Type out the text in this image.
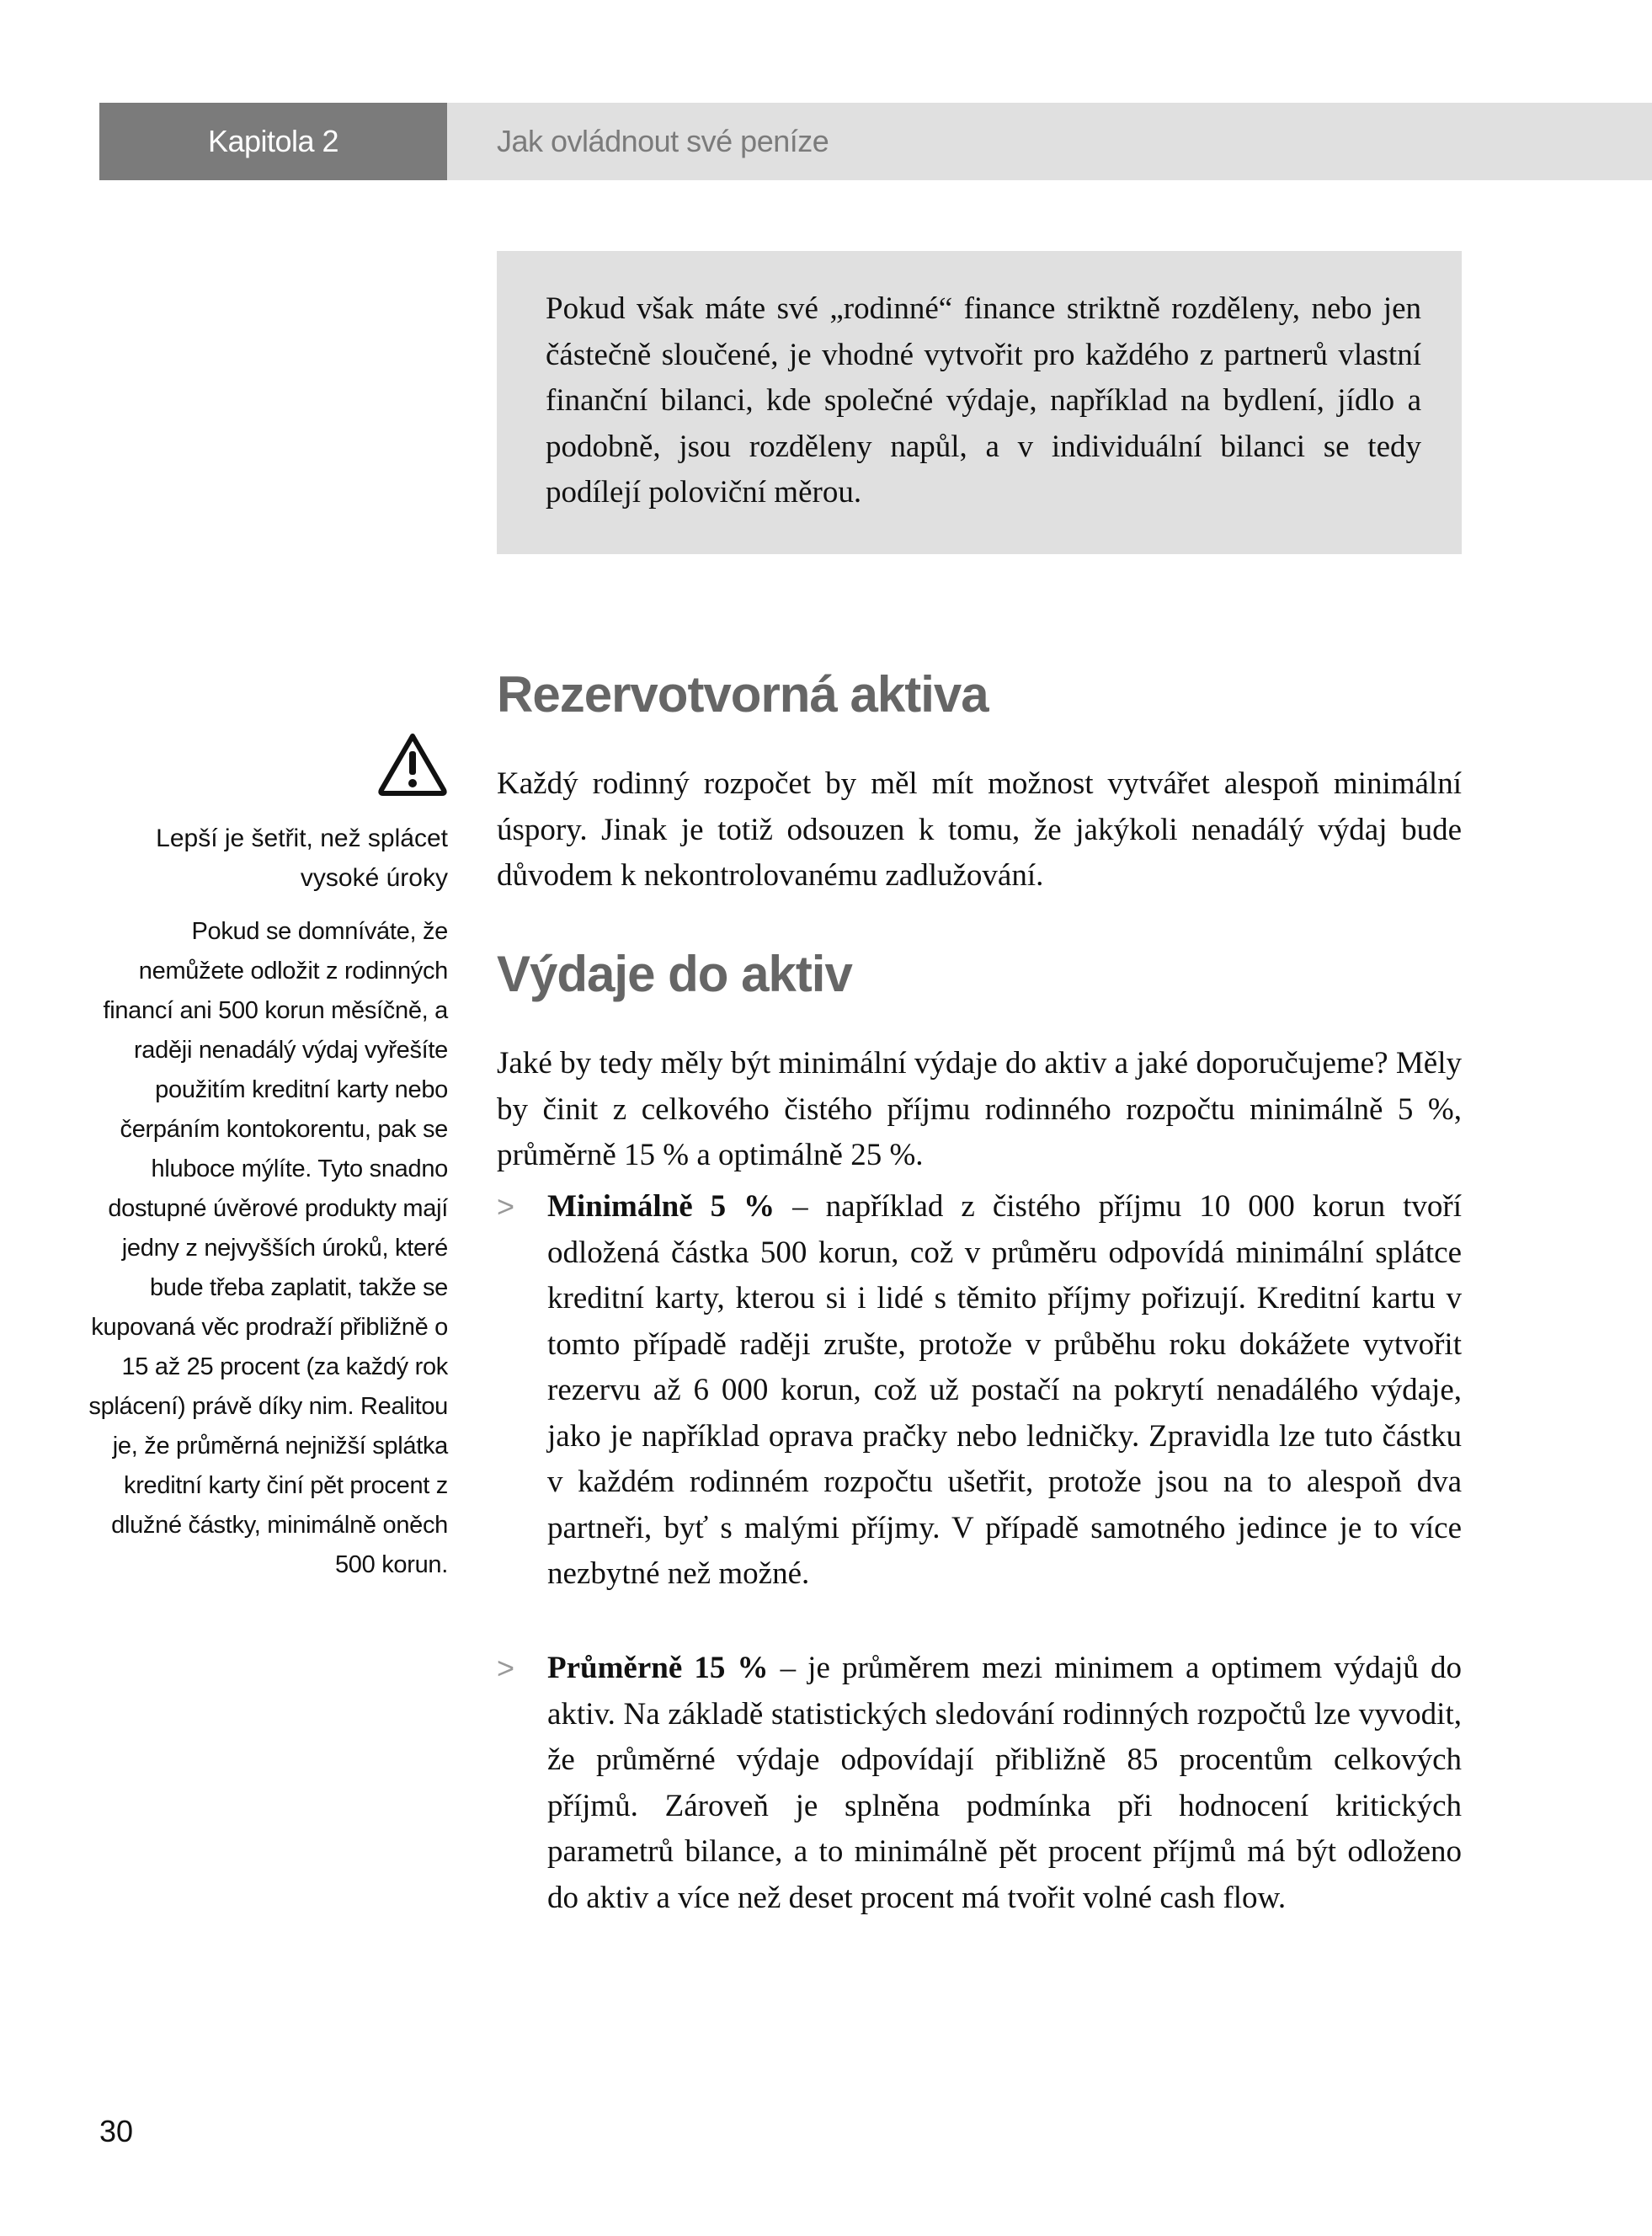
Kapitola 2	Jak ovládnout své peníze

Pokud však máte své „rodinné“ finance striktně rozděleny, nebo jen částečně sloučené, je vhodné vytvořit pro každého z partnerů vlastní finanční bilanci, kde společné výdaje, například na bydlení, jídlo a podobně, jsou rozděleny napůl, a v individuální bilanci se tedy podílejí poloviční měrou.

Lepší je šetřit, než splácet vysoké úroky
Pokud se domníváte, že nemůžete odložit z rodinných financí ani 500 korun měsíčně, a raději nenadálý výdaj vyřešíte použitím kreditní karty nebo čerpáním kontokorentu, pak se hluboce mýlíte. Tyto snadno dostupné úvěrové produkty mají jedny z nejvyšších úroků, které bude třeba zaplatit, takže se kupovaná věc prodraží přibližně o 15 až 25 procent (za každý rok splácení) právě díky nim. Realitou je, že průměrná nejnižší splátka kreditní karty činí pět procent z dlužné částky, minimálně oněch 500 korun.
Rezervotvorná aktiva

Každý rodinný rozpočet by měl mít možnost vytvářet alespoň minimální úspory. Jinak je totiž odsouzen k tomu, že jakýkoli nenadálý výdaj bude důvodem k nekontrolovanému zadlužování.

Výdaje do aktiv

Jaké by tedy měly být minimální výdaje do aktiv a jaké doporučujeme? Měly by činit z celkového čistého příjmu rodinného rozpočtu minimálně 5 %, průměrně 15 % a optimálně 25 %.

> Minimálně 5 % – například z čistého příjmu 10 000 korun tvoří odložená částka 500 korun, což v průměru odpovídá minimální splátce kreditní karty, kterou si i lidé s těmito příjmy pořizují. Kreditní kartu v tomto případě raději zrušte, protože v průběhu roku dokážete vytvořit rezervu až 6 000 korun, což už postačí na pokrytí nenadálého výdaje, jako je například oprava pračky nebo ledničky. Zpravidla lze tuto částku v každém rodinném rozpočtu ušetřit, protože jsou na to alespoň dva partneři, byť s malými příjmy. V případě samotného jedince je to více nezbytné než možné.

> Průměrně 15 % – je průměrem mezi minimem a optimem výdajů do aktiv. Na základě statistických sledování rodinných rozpočtů lze vyvodit, že průměrné výdaje odpovídají přibližně 85 procentům celkových příjmů. Zároveň je splněna podmínka při hodnocení kritických parametrů bilance, a to minimálně pět procent příjmů má být odloženo do aktiv a více než deset procent má tvořit volné cash flow.

30
